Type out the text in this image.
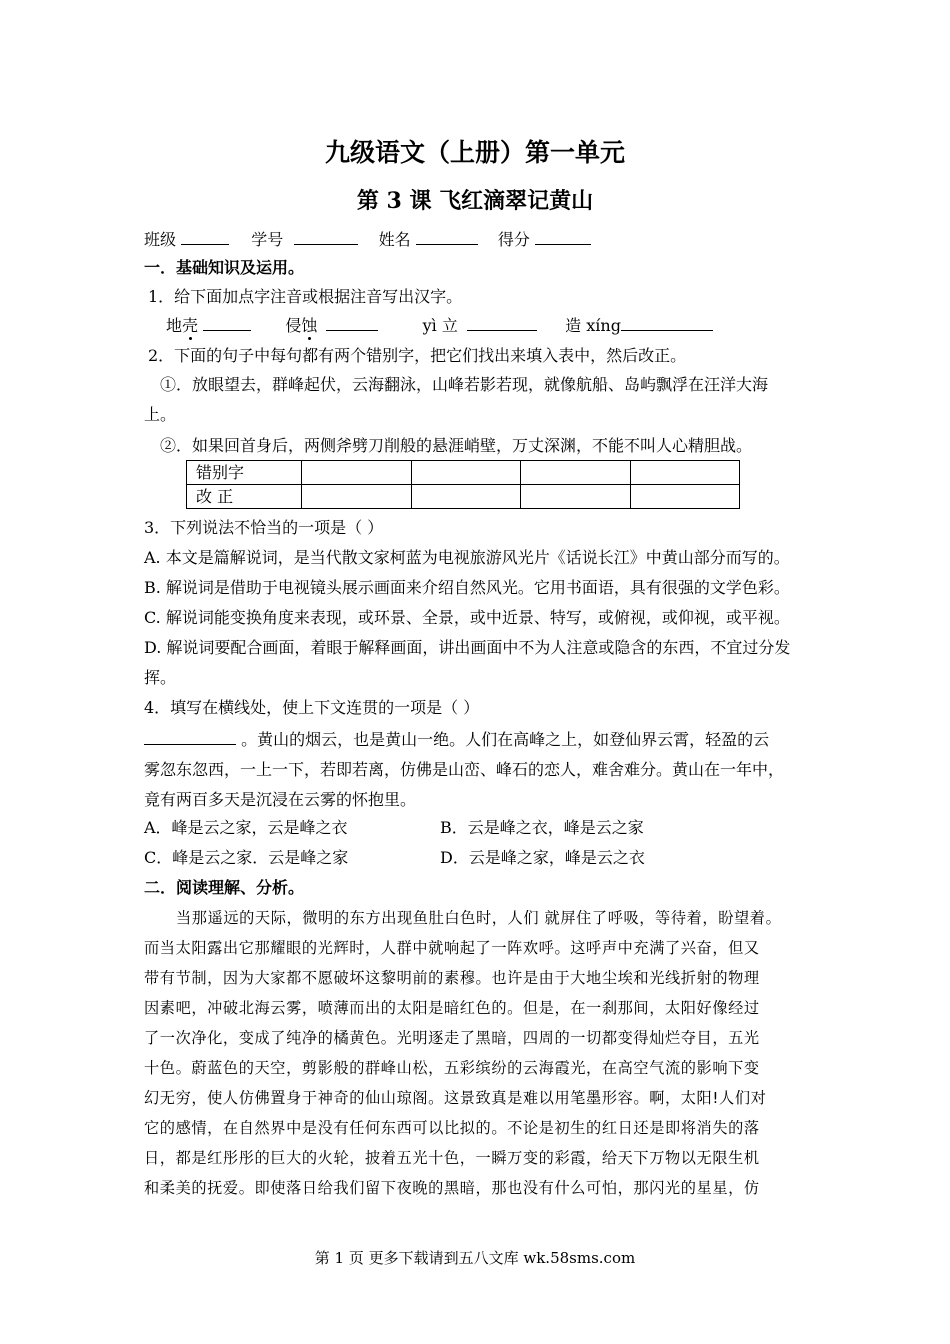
九级语文（上册）第一单元
第 3 课 飞红滴翠记黄山
班级	学号	姓名	得分
一．基础知识及运用。
1．给下面加点字注音或根据注音写出汉字。
地壳	侵蚀	yì 立	造 xíng
2．下面的句子中每句都有两个错别字，把它们找出来填入表中，然后改正。
①．放眼望去，群峰起伏，云海翻泳，山峰若影若现，就像航船、岛屿飘浮在汪洋大海
上。
②．如果回首身后，两侧斧劈刀削般的悬涯峭壁，万丈深渊，不能不叫人心精胆战。
错别字				
改 正				
3．下列说法不恰当的一项是（ ）
A. 本文是篇解说词，是当代散文家柯蓝为电视旅游风光片《话说长江》中黄山部分而写的。
B. 解说词是借助于电视镜头展示画面来介绍自然风光。它用书面语，具有很强的文学色彩。
C. 解说词能变换角度来表现，或环景、全景，或中近景、特写，或俯视，或仰视，或平视。
D. 解说词要配合画面，着眼于解释画面，讲出画面中不为人注意或隐含的东西，不宜过分发
挥。
4．填写在横线处，使上下文连贯的一项是（ ）
。黄山的烟云，也是黄山一绝。人们在高峰之上，如登仙界云霄，轻盈的云
雾忽东忽西，一上一下，若即若离，仿佛是山峦、峰石的恋人，难舍难分。黄山在一年中，
竟有两百多天是沉浸在云雾的怀抱里。
A．峰是云之家，云是峰之衣	B．云是峰之衣，峰是云之家
C．峰是云之家．云是峰之家	D．云是峰之家，峰是云之衣
二．阅读理解、分析。
当那遥远的天际，微明的东方出现鱼肚白色时，人们 就屏住了呼吸，等待着，盼望着。
而当太阳露出它那耀眼的光辉时，人群中就响起了一阵欢呼。这呼声中充满了兴奋，但又
带有节制，因为大家都不愿破坏这黎明前的素穆。也许是由于大地尘埃和光线折射的物理
因素吧，冲破北海云雾，喷薄而出的太阳是暗红色的。但是，在一刹那间，太阳好像经过
了一次净化，变成了纯净的橘黄色。光明逐走了黑暗，四周的一切都变得灿烂夺目，五光
十色。蔚蓝色的天空，剪影般的群峰山松，五彩缤纷的云海霞光，在高空气流的影响下变
幻无穷，使人仿佛置身于神奇的仙山琼阁。这景致真是难以用笔墨形容。啊，太阳!人们对
它的感情，在自然界中是没有任何东西可以比拟的。不论是初生的红日还是即将消失的落
日，都是红彤彤的巨大的火轮，披着五光十色，一瞬万变的彩霞，给天下万物以无限生机
和柔美的抚爱。即使落日给我们留下夜晚的黑暗，那也没有什么可怕，那闪光的星星，仿
第 1 页 更多下载请到五八文库 wk.58sms.com
